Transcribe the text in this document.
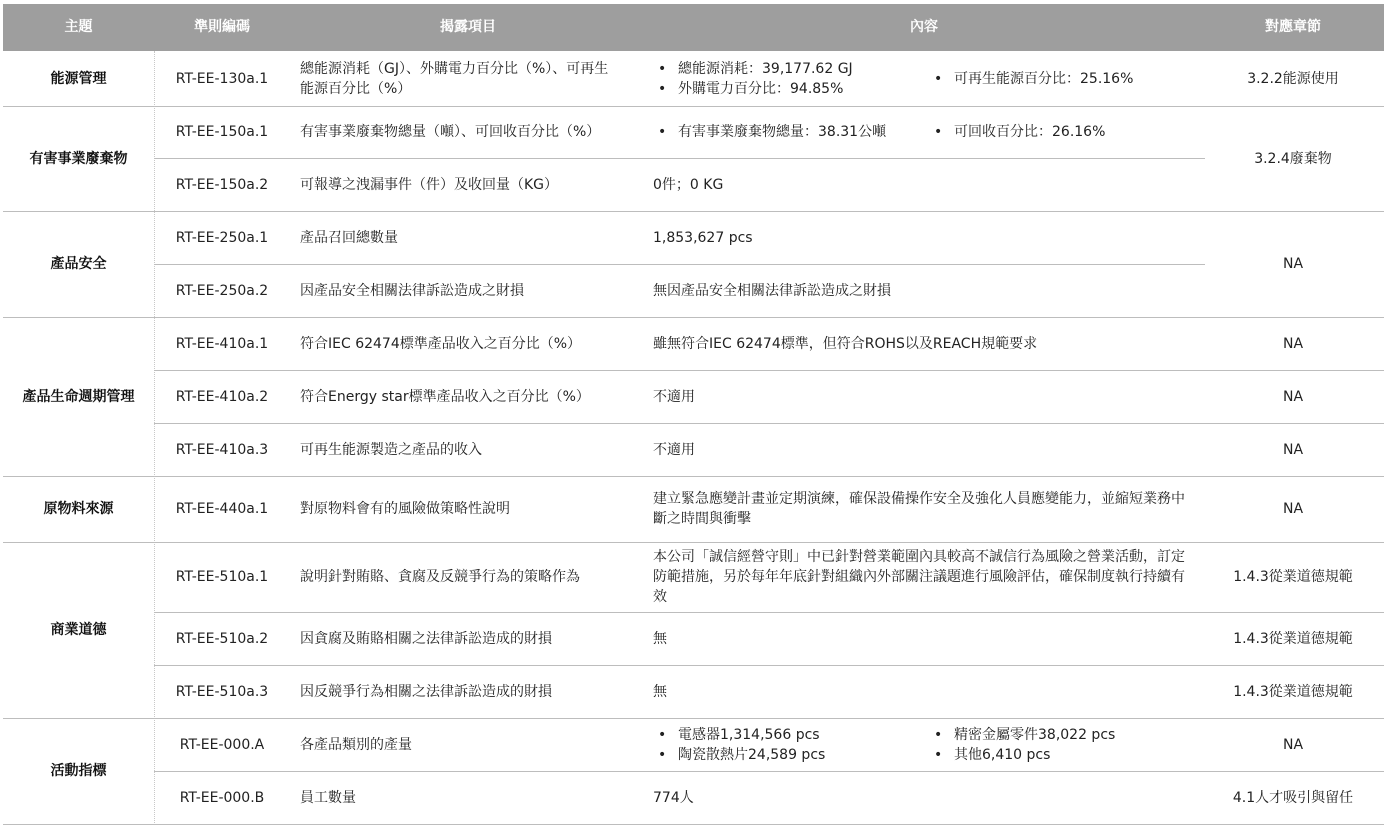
主題	準則編碼	揭露項目	內容	對應章節
能源管理
有害事業廢棄物
產品安全
產品生命週期管理
原物料來源
商業道德
活動指標
RT-EE-130a.1
RT-EE-150a.1
RT-EE-150a.2
RT-EE-250a.1
RT-EE-250a.2
RT-EE-410a.1
RT-EE-410a.2
RT-EE-410a.3
RT-EE-440a.1
RT-EE-510a.1
RT-EE-510a.2
RT-EE-510a.3
RT-EE-000.A
RT-EE-000.B
總能源消耗（GJ）、外購電力百分比（%）、可再生能源百分比（%）
有害事業廢棄物總量（噸）、可回收百分比（%）
可報導之洩漏事件（件）及收回量（KG）
產品召回總數量
因產品安全相關法律訴訟造成之財損
符合IEC 62474標準產品收入之百分比（%）
符合Energy star標準產品收入之百分比（%）
可再生能源製造之產品的收入
對原物料會有的風險做策略性說明
說明針對賄賂、貪腐及反競爭行為的策略作為
因貪腐及賄賂相關之法律訴訟造成的財損
因反競爭行為相關之法律訴訟造成的財損
各產品類別的產量
員工數量
• 總能源消耗：39,177.62 GJ
• 外購電力百分比：94.85%
• 可再生能源百分比：25.16%
• 有害事業廢棄物總量：38.31公噸
•	可回收百分比：26.16%
• 電感器1,314,566 pcs
• 陶瓷散熱片24,589 pcs
• 精密金屬零件38,022 pcs
• 其他6,410 pcs
0件；0 KG
1,853,627 pcs
無因產品安全相關法律訴訟造成之財損
雖無符合IEC 62474標準，但符合ROHS以及REACH規範要求
不適用
不適用
建立緊急應變計畫並定期演練，確保設備操作安全及強化人員應變能力，並縮短業務中斷之時間與衝擊
本公司「誠信經營守則」中已針對營業範圍內具較高不誠信行為風險之營業活動，訂定防範措施，另於每年年底針對組織內外部關注議題進行風險評估，確保制度執行持續有效
無
無
774人
3.2.2能源使用
3.2.4廢棄物
NA
NA
NA
NA
NA
1.4.3從業道德規範
1.4.3從業道德規範
1.4.3從業道德規範
NA
4.1人才吸引與留任
